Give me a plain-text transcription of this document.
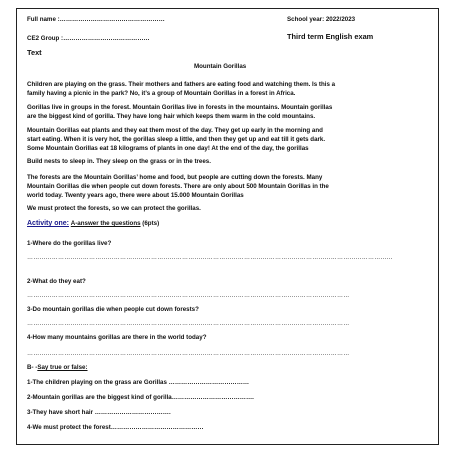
Full name :……………………………………………	School year: 2022/2023
CE2 Group :……………………………………	Third term English exam
Text
Mountain Gorillas
Children are playing on the grass. Their mothers and fathers are eating food and watching them. Is this a
family having a picnic in the park? No, it’s a group of Mountain Gorillas in a forest in Africa.
Gorillas live in groups in the forest. Mountain Gorillas live in forests in the mountains. Mountain gorillas
are the biggest kind of gorilla. They have long hair which keeps them warm in the cold mountains.
Mountain Gorillas eat plants and they eat them most of the day. They get up early in the morning and
start eating. When it is very hot, the gorillas sleep a little, and then they get up and eat till it gets dark.
Some Mountain Gorillas eat 18 kilograms of plants in one day! At the end of the day, the gorillas
Build nests to sleep in. They sleep on the grass or in the trees.
The forests are the Mountain Gorillas’ home and food, but people are cutting down the forests. Many
Mountain Gorillas die when people cut down forests. There are only about 500 Mountain Gorillas in the
world today. Twenty years ago, there were about 15.000 Mountain Gorillas
We must protect the forests, so we can protect the gorillas.
Activity one: A-answer the questions (6pts)
1-Where do the gorillas live?
……………………………………………………………………………………………………………………………………………………………
2-What do they eat?
…………………………………………………………………………………………………………………………………………
3-Do mountain gorillas die when people cut down forests?
…………………………………………………………………………………………………………………………………………
4-How many mountains gorillas are there in the world today?
…………………………………………………………………………………………………………………………………………
B- -Say true or false:
1-The children playing on the grass are Gorillas …………………………………
2-Mountain gorillas are the biggest kind of gorilla………………………………….
3-They have short hair ……………………………….
4-We must protect the forest………………………………………
